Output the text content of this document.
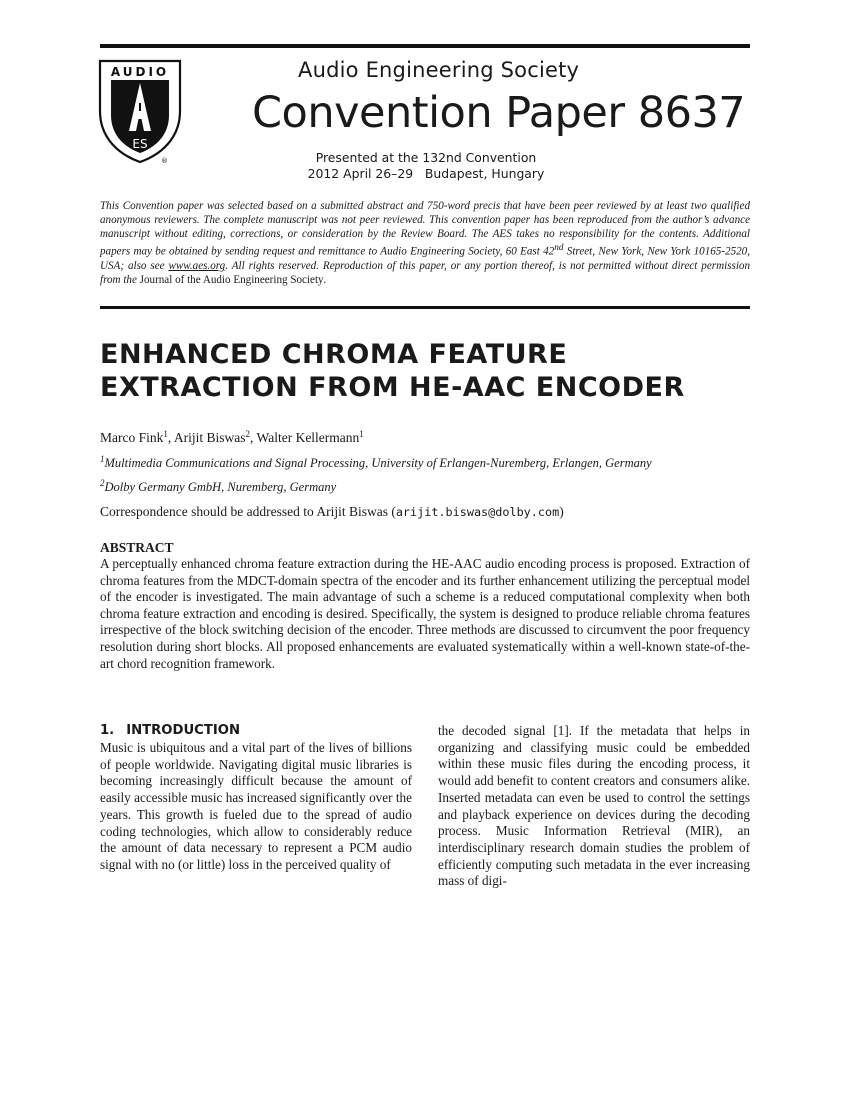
AUDIO
ES
®
Audio Engineering Society
Convention Paper 8637
Presented at the 132nd Convention
2012 April 26–29   Budapest, Hungary
This Convention paper was selected based on a submitted abstract and 750-word precis that have been peer reviewed by at least two qualified anonymous reviewers. The complete manuscript was not peer reviewed. This convention paper has been reproduced from the author’s advance manuscript without editing, corrections, or consideration by the Review Board. The AES takes no responsibility for the contents. Additional papers may be obtained by sending request and remittance to Audio Engineering Society, 60 East 42nd Street, New York, New York 10165-2520, USA; also see www.aes.org. All rights reserved. Reproduction of this paper, or any portion thereof, is not permitted without direct permission from the Journal of the Audio Engineering Society.
ENHANCED CHROMA FEATURE
EXTRACTION FROM HE-AAC ENCODER
Marco Fink$^1$, Arijit Biswas$^2$, Walter Kellermann$^1$
$^1$Multimedia Communications and Signal Processing, University of Erlangen-Nuremberg, Erlangen, Germany
$^2$Dolby Germany GmbH, Nuremberg, Germany
Correspondence should be addressed to Arijit Biswas (arijit.biswas@dolby.com)
ABSTRACT

A perceptually enhanced chroma feature extraction during the HE-AAC audio encoding process is proposed. Extraction of chroma features from the MDCT-domain spectra of the encoder and its further enhancement utilizing the perceptual model of the encoder is investigated. The main advantage of such a scheme is a reduced computational complexity when both chroma feature extraction and encoding is desired. Specifically, the system is designed to produce reliable chroma features irrespective of the block switching decision of the encoder. Three methods are discussed to circumvent the poor frequency resolution during short blocks. All proposed enhancements are evaluated systematically within a well-known state-of-the-art chord recognition framework.

1. INTRODUCTION

Music is ubiquitous and a vital part of the lives of billions of people worldwide. Navigating digital music libraries is becoming increasingly difficult because the amount of easily accessible music has increased significantly over the years. This growth is fueled due to the spread of audio coding technologies, which allow to considerably reduce the amount of data necessary to represent a PCM audio signal with no (or little) loss in the perceived quality of

the decoded signal [1]. If the metadata that helps in organizing and classifying music could be embedded within these music files during the encoding process, it would add benefit to content creators and consumers alike. Inserted metadata can even be used to control the settings and playback experience on devices during the decoding process. Music Information Retrieval (MIR), an interdisciplinary research domain studies the problem of efficiently computing such metadata in the ever increasing mass of digi-
